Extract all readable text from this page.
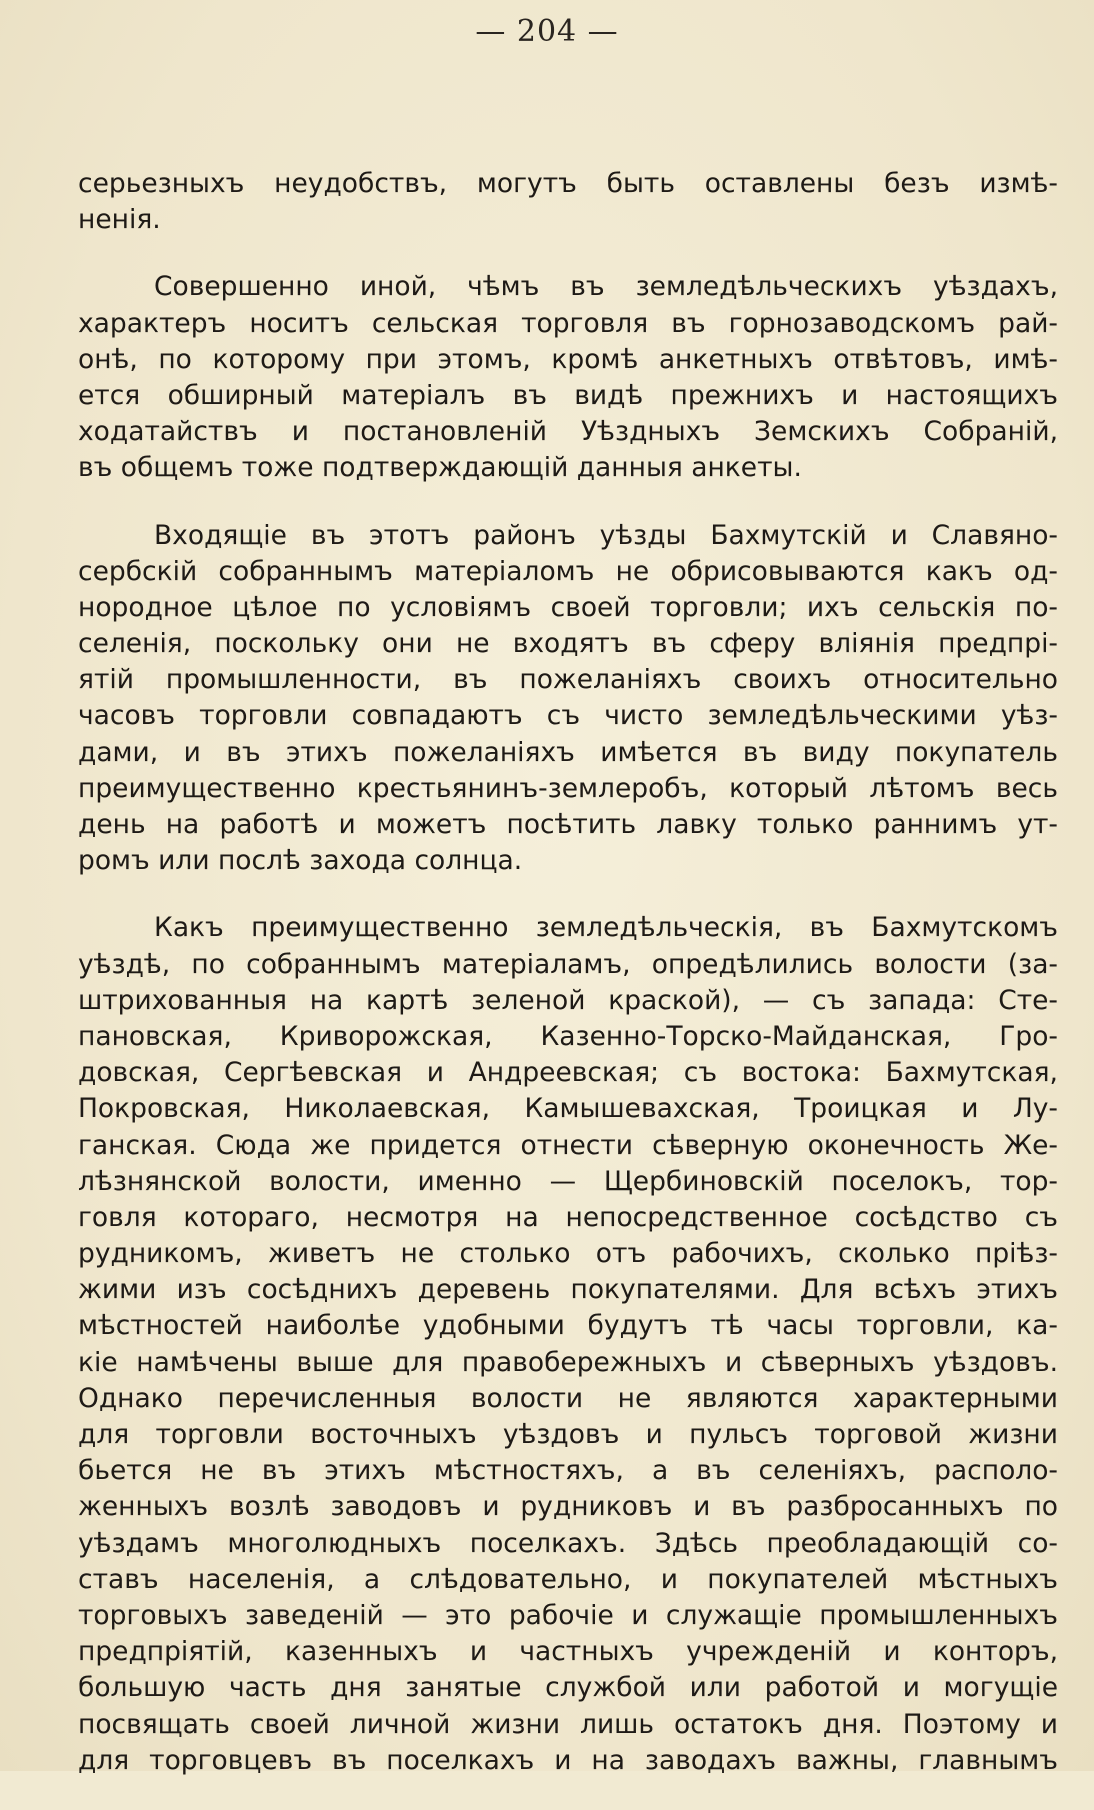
— 204 —
серьезныхъ неудобствъ, могутъ быть оставлены безъ измѣ-
ненія.
Совершенно иной, чѣмъ въ земледѣльческихъ уѣздахъ,
характеръ носитъ сельская торговля въ горнозаводскомъ рай-
онѣ, по которому при этомъ, кромѣ анкетныхъ отвѣтовъ, имѣ-
ется обширный матеріалъ въ видѣ прежнихъ и настоящихъ
ходатайствъ и постановленій Уѣздныхъ Земскихъ Собраній,
въ общемъ тоже подтверждающій данныя анкеты.
Входящіе въ этотъ районъ уѣзды Бахмутскій и Славяно-
сербскій собраннымъ матеріаломъ не обрисовываются какъ од-
нородное цѣлое по условіямъ своей торговли; ихъ сельскія по-
селенія, поскольку они не входятъ въ сферу вліянія предпрі-
ятій промышленности, въ пожеланіяхъ своихъ относительно
часовъ торговли совпадаютъ съ чисто земледѣльческими уѣз-
дами, и въ этихъ пожеланіяхъ имѣется въ виду покупатель
преимущественно крестьянинъ-землеробъ, который лѣтомъ весь
день на работѣ и можетъ посѣтить лавку только раннимъ ут-
ромъ или послѣ захода солнца.
Какъ преимущественно земледѣльческія, въ Бахмутскомъ
уѣздѣ, по собраннымъ матеріаламъ, опредѣлились волости (за-
штрихованныя на картѣ зеленой краской), — съ запада: Сте-
пановская, Криворожская, Казенно-Торско-Майданская, Гро-
довская, Сергѣевская и Андреевская; съ востока: Бахмутская,
Покровская, Николаевская, Камышевахская, Троицкая и Лу-
ганская. Сюда же придется отнести сѣверную оконечность Же-
лѣзнянской волости, именно — Щербиновскій поселокъ, тор-
говля котораго, несмотря на непосредственное сосѣдство съ
рудникомъ, живетъ не столько отъ рабочихъ, сколько пріѣз-
жими изъ сосѣднихъ деревень покупателями. Для всѣхъ этихъ
мѣстностей наиболѣе удобными будутъ тѣ часы торговли, ка-
кіе намѣчены выше для правобережныхъ и сѣверныхъ уѣздовъ.
Однако перечисленныя волости не являются характерными
для торговли восточныхъ уѣздовъ и пульсъ торговой жизни
бьется не въ этихъ мѣстностяхъ, а въ селеніяхъ, располо-
женныхъ возлѣ заводовъ и рудниковъ и въ разбросанныхъ по
уѣздамъ многолюдныхъ поселкахъ. Здѣсь преобладающій со-
ставъ населенія, а слѣдовательно, и покупателей мѣстныхъ
торговыхъ заведеній — это рабочіе и служащіе промышленныхъ
предпріятій, казенныхъ и частныхъ учрежденій и конторъ,
большую часть дня занятые службой или работой и могущіе
посвящать своей личной жизни лишь остатокъ дня. Поэтому и
для торговцевъ въ поселкахъ и на заводахъ важны, главнымъ
